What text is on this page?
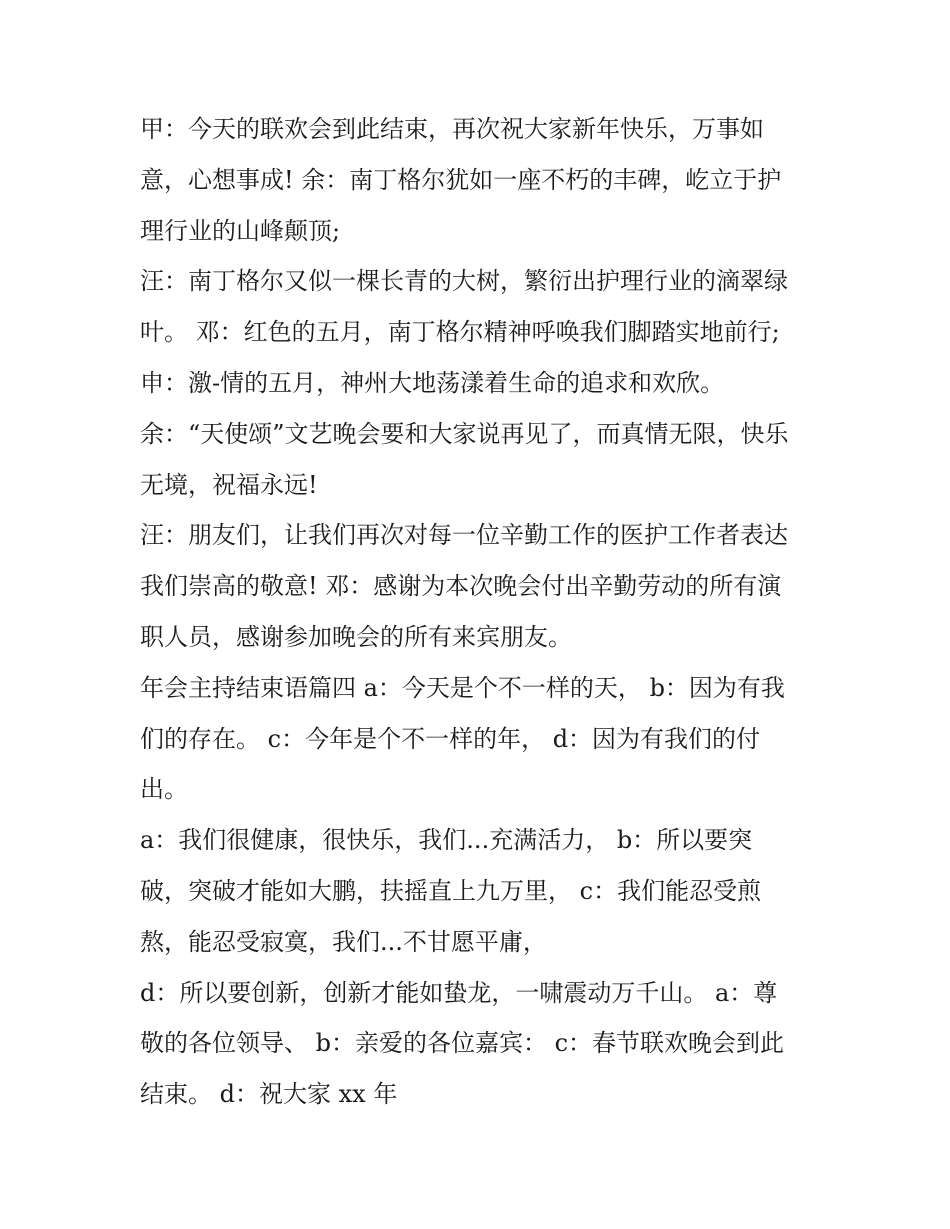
甲：今天的联欢会到此结束，再次祝大家新年快乐，万事如
意，心想事成! 余：南丁格尔犹如一座不朽的丰碑，屹立于护
理行业的山峰颠顶;
汪：南丁格尔又似一棵长青的大树，繁衍出护理行业的滴翠绿
叶。 邓：红色的五月，南丁格尔精神呼唤我们脚踏实地前行;
申：激-情的五月，神州大地荡漾着生命的追求和欢欣。
余：“天使颂”文艺晚会要和大家说再见了，而真情无限，快乐
无境，祝福永远!
汪：朋友们，让我们再次对每一位辛勤工作的医护工作者表达
我们崇高的敬意! 邓：感谢为本次晚会付出辛勤劳动的所有演
职人员，感谢参加晚会的所有来宾朋友。
年会主持结束语篇四 a：今天是个不一样的天， b：因为有我
们的存在。 c：今年是个不一样的年， d：因为有我们的付
出。
a：我们很健康，很快乐，我们...充满活力， b：所以要突
破，突破才能如大鹏，扶摇直上九万里， c：我们能忍受煎
熬，能忍受寂寞，我们...不甘愿平庸，
d：所以要创新，创新才能如蛰龙，一啸震动万千山。 a：尊
敬的各位领导、 b：亲爱的各位嘉宾： c：春节联欢晚会到此
结束。 d：祝大家 xx 年
